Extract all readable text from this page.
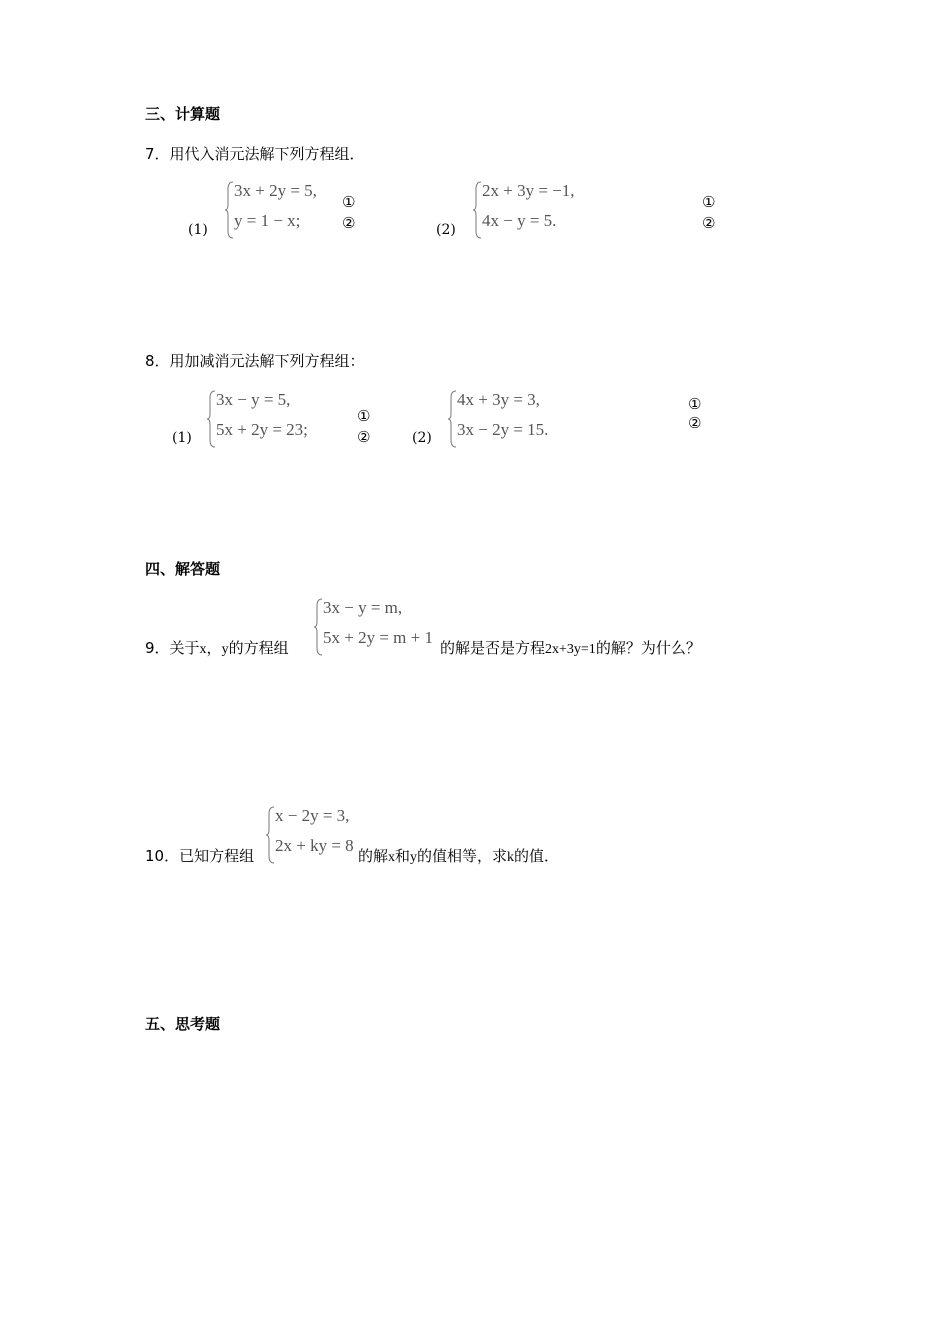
三、计算题
7．用代入消元法解下列方程组．
(1)
3x + 2y = 5,
y = 1 − x;
①
②	(2)
2x + 3y = −1,
4x − y = 5.
①
②
8．用加减消元法解下列方程组：
(1)
3x − y = 5,
5x + 2y = 23;
①
②	(2)
4x + 3y = 3,
3x − 2y = 15.
①
②
四、解答题
3x − y = m,
5x + 2y = m + 1
9．关于x，y的方程组	的解是否是方程2x+3y=1的解？为什么？
x − 2y = 3,
2x + ky = 8
10．已知方程组	的解x和y的值相等，求k的值．
五、思考题
